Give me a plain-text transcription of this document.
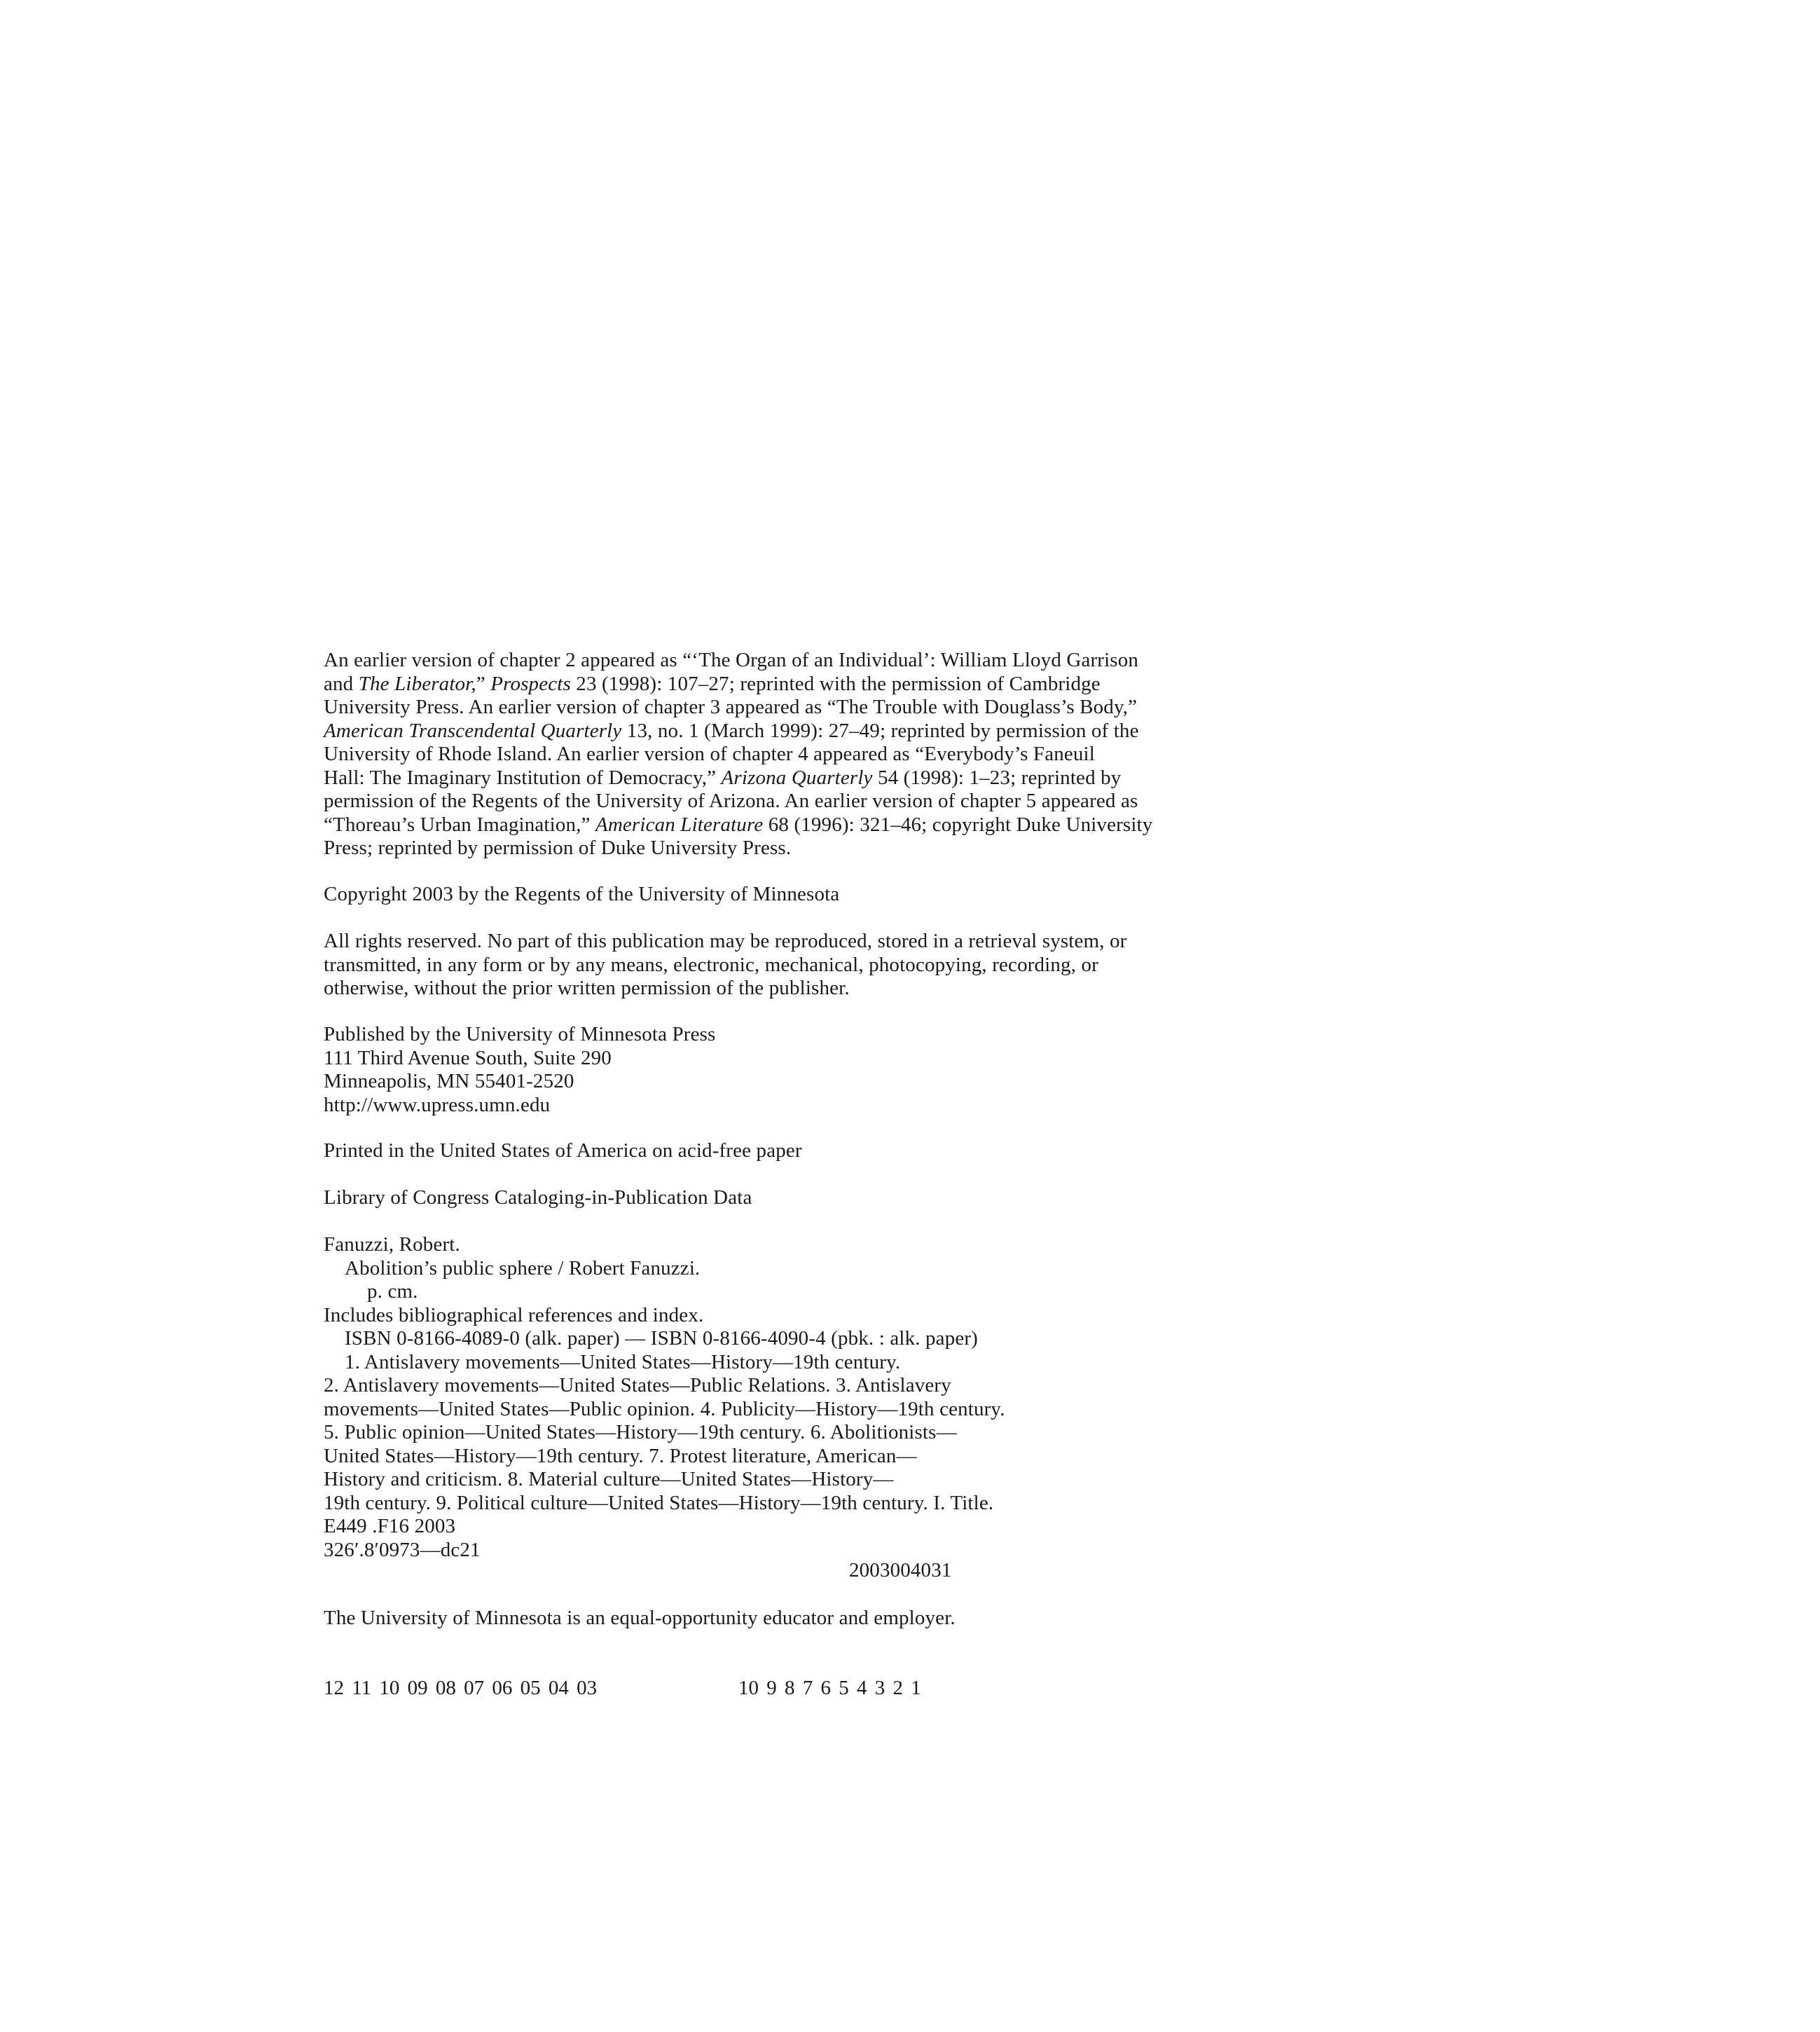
An earlier version of chapter 2 appeared as “‘The Organ of an Individual’: William Lloyd Garrison
and The Liberator,” Prospects 23 (1998): 107–27; reprinted with the permission of Cambridge
University Press. An earlier version of chapter 3 appeared as “The Trouble with Douglass’s Body,”
American Transcendental Quarterly 13, no. 1 (March 1999): 27–49; reprinted by permission of the
University of Rhode Island. An earlier version of chapter 4 appeared as “Everybody’s Faneuil
Hall: The Imaginary Institution of Democracy,” Arizona Quarterly 54 (1998): 1–23; reprinted by
permission of the Regents of the University of Arizona. An earlier version of chapter 5 appeared as
“Thoreau’s Urban Imagination,” American Literature 68 (1996): 321–46; copyright Duke University
Press; reprinted by permission of Duke University Press.
Copyright 2003 by the Regents of the University of Minnesota
All rights reserved. No part of this publication may be reproduced, stored in a retrieval system, or
transmitted, in any form or by any means, electronic, mechanical, photocopying, recording, or
otherwise, without the prior written permission of the publisher.
Published by the University of Minnesota Press
111 Third Avenue South, Suite 290
Minneapolis, MN 55401-2520
http://www.upress.umn.edu
Printed in the United States of America on acid-free paper
Library of Congress Cataloging-in-Publication Data
Fanuzzi, Robert.
Abolition’s public sphere / Robert Fanuzzi.
p. cm.
Includes bibliographical references and index.
ISBN 0-8166-4089-0 (alk. paper) — ISBN 0-8166-4090-4 (pbk. : alk. paper)
1. Antislavery movements—United States—History—19th century.
2. Antislavery movements—United States—Public Relations. 3. Antislavery
movements—United States—Public opinion. 4. Publicity—History—19th century.
5. Public opinion—United States—History—19th century. 6. Abolitionists—
United States—History—19th century. 7. Protest literature, American—
History and criticism. 8. Material culture—United States—History—
19th century. 9. Political culture—United States—History—19th century. I. Title.
E449 .F16 2003
326′.8′0973—dc21
2003004031
The University of Minnesota is an equal-opportunity educator and employer.
12 11 10 09 08 07 06 05 04 03	10 9 8 7 6 5 4 3 2 1
